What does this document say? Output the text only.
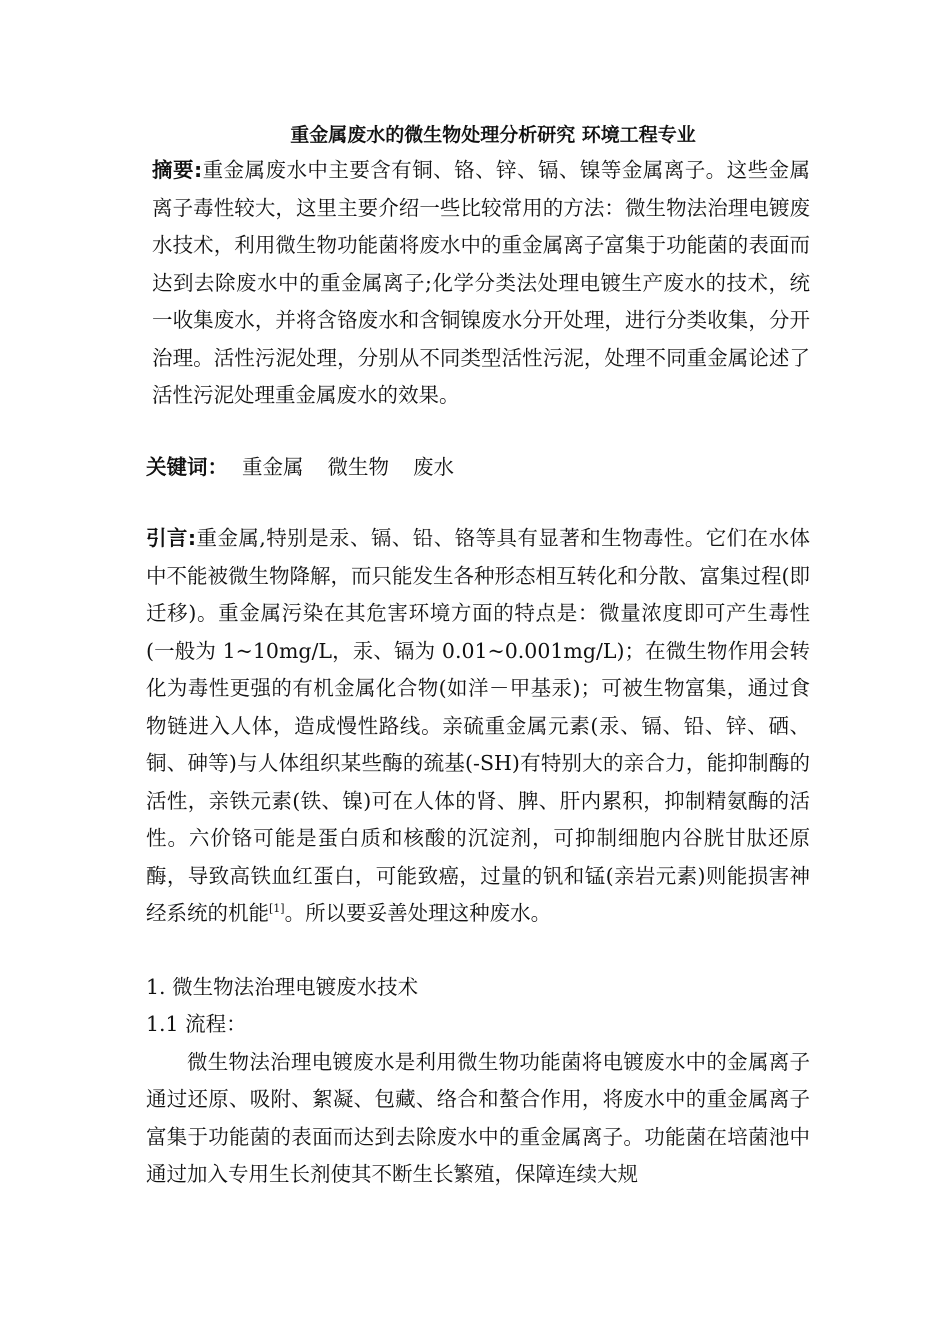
重金属废水的微生物处理分析研究 环境工程专业

摘要:重金属废水中主要含有铜、铬、锌、镉、镍等金属离子。这些金属离子毒性较大，这里主要介绍一些比较常用的方法：微生物法治理电镀废水技术，利用微生物功能菌将废水中的重金属离子富集于功能菌的表面而达到去除废水中的重金属离子;化学分类法处理电镀生产废水的技术，统一收集废水，并将含铬废水和含铜镍废水分开处理，进行分类收集，分开治理。活性污泥处理，分别从不同类型活性污泥，处理不同重金属论述了活性污泥处理重金属废水的效果。

关键词： 重金属 微生物 废水

引言:重金属,特别是汞、镉、铅、铬等具有显著和生物毒性。它们在水体中不能被微生物降解，而只能发生各种形态相互转化和分散、富集过程(即迁移)。重金属污染在其危害环境方面的特点是：微量浓度即可产生毒性(一般为 1~10mg/L，汞、镉为 0.01~0.001mg/L)；在微生物作用会转化为毒性更强的有机金属化合物(如洋－甲基汞)；可被生物富集，通过食物链进入人体，造成慢性路线。亲硫重金属元素(汞、镉、铅、锌、硒、铜、砷等)与人体组织某些酶的巯基(-SH)有特别大的亲合力，能抑制酶的活性，亲铁元素(铁、镍)可在人体的肾、脾、肝内累积，抑制精氨酶的活性。六价铬可能是蛋白质和核酸的沉淀剂，可抑制细胞内谷胱甘肽还原酶，导致高铁血红蛋白，可能致癌，过量的钒和锰(亲岩元素)则能损害神经系统的机能[1]。所以要妥善处理这种废水。

1. 微生物法治理电镀废水技术

1.1 流程：

微生物法治理电镀废水是利用微生物功能菌将电镀废水中的金属离子通过还原、吸附、絮凝、包藏、络合和螯合作用，将废水中的重金属离子富集于功能菌的表面而达到去除废水中的重金属离子。功能菌在培菌池中通过加入专用生长剂使其不断生长繁殖，保障连续大规
